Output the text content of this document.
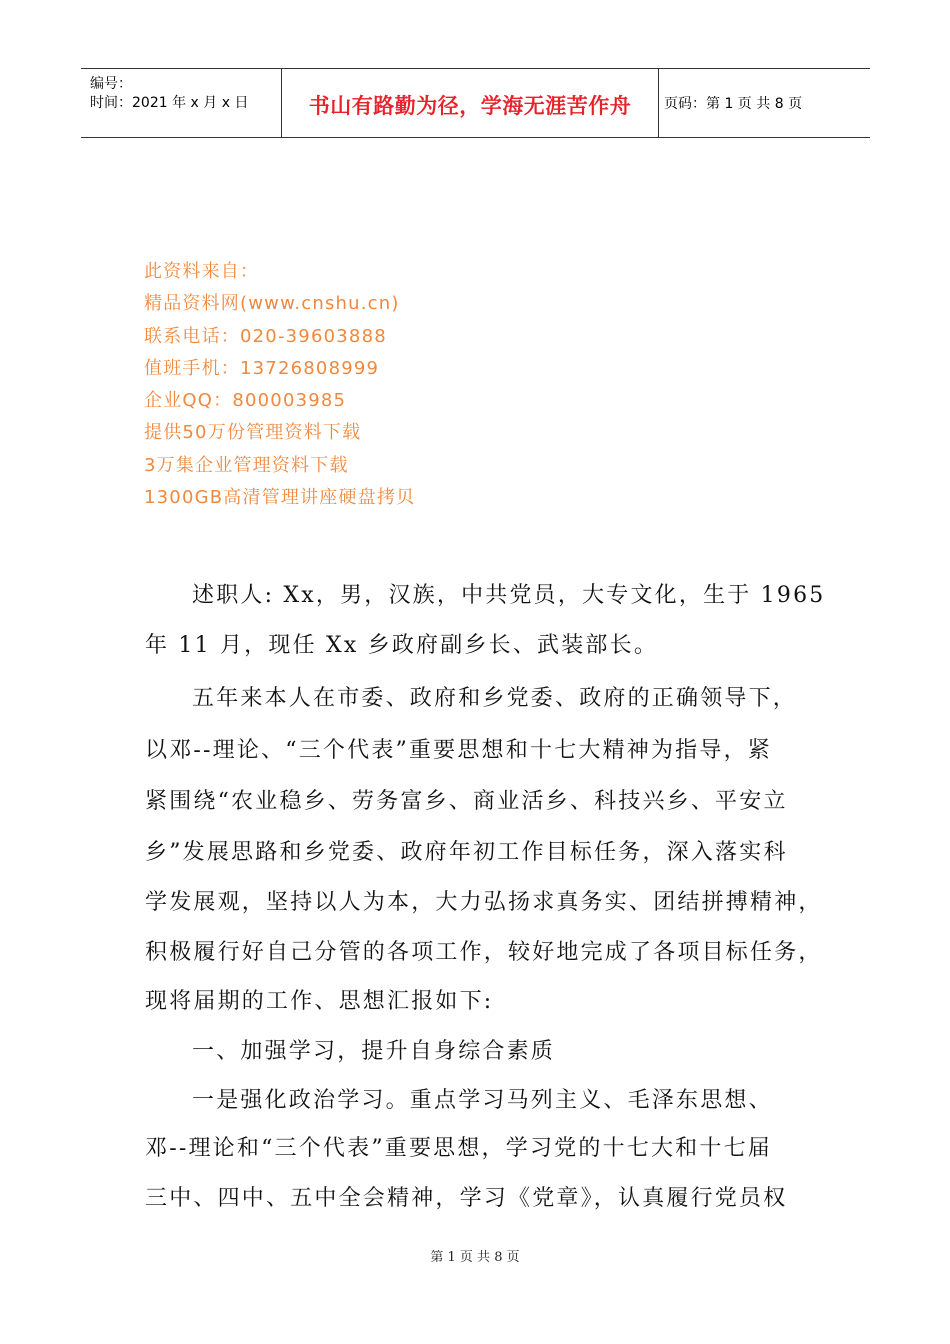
编号：
时间：2021 年 x 月 x 日	书山有路勤为径，学海无涯苦作舟	页码：第 1 页 共 8 页
此资料来自：
精品资料网(www.cnshu.cn)
联系电话：020-39603888
值班手机：13726808999
企业QQ：800003985
提供50万份管理资料下载
3万集企业管理资料下载
1300GB高清管理讲座硬盘拷贝
述职人: Xx，男，汉族，中共党员，大专文化，生于 1965
年 11 月，现任 Xx 乡政府副乡长、武装部长。
五年来本人在市委、政府和乡党委、政府的正确领导下，
以邓--理论、“三个代表”重要思想和十七大精神为指导，紧
紧围绕“农业稳乡、劳务富乡、商业活乡、科技兴乡、平安立
乡”发展思路和乡党委、政府年初工作目标任务，深入落实科
学发展观，坚持以人为本，大力弘扬求真务实、团结拼搏精神，
积极履行好自己分管的各项工作，较好地完成了各项目标任务，
现将届期的工作、思想汇报如下:
一、加强学习，提升自身综合素质
一是强化政治学习。重点学习马列主义、毛泽东思想、
邓--理论和“三个代表”重要思想，学习党的十七大和十七届
三中、四中、五中全会精神，学习《党章》，认真履行党员权
第 1 页 共 8 页
